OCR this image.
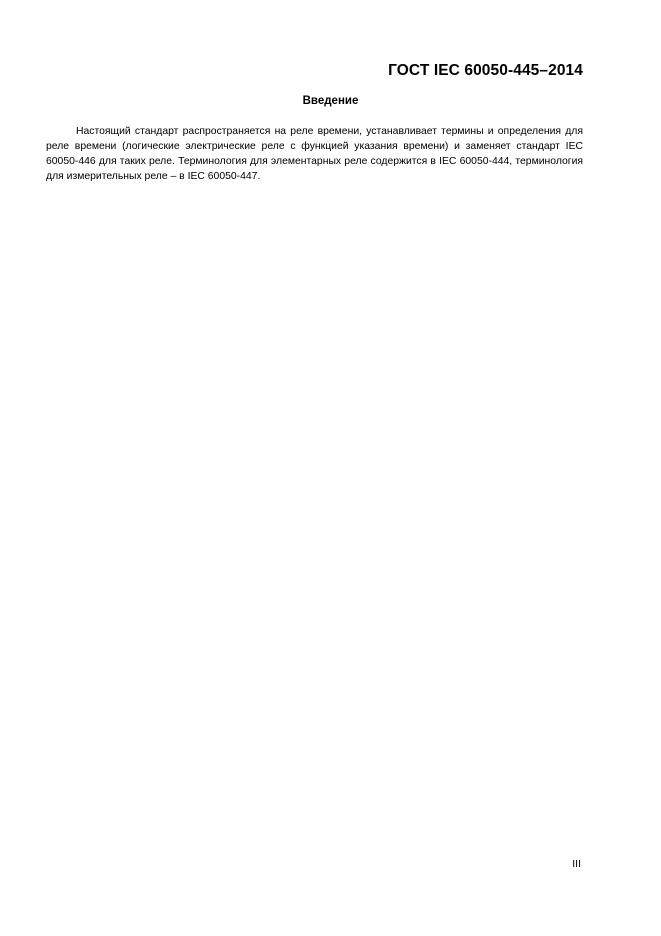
ГОСТ IEC 60050-445–2014
Введение

Настоящий стандарт распространяется на реле времени, устанавливает термины и определения для реле времени (логические электрические реле с функцией указания времени) и заменяет стандарт IEC 60050-446 для таких реле. Терминология для элементарных реле содержится в IEC 60050-444, терминология для измерительных реле – в IEC 60050-447.

III
